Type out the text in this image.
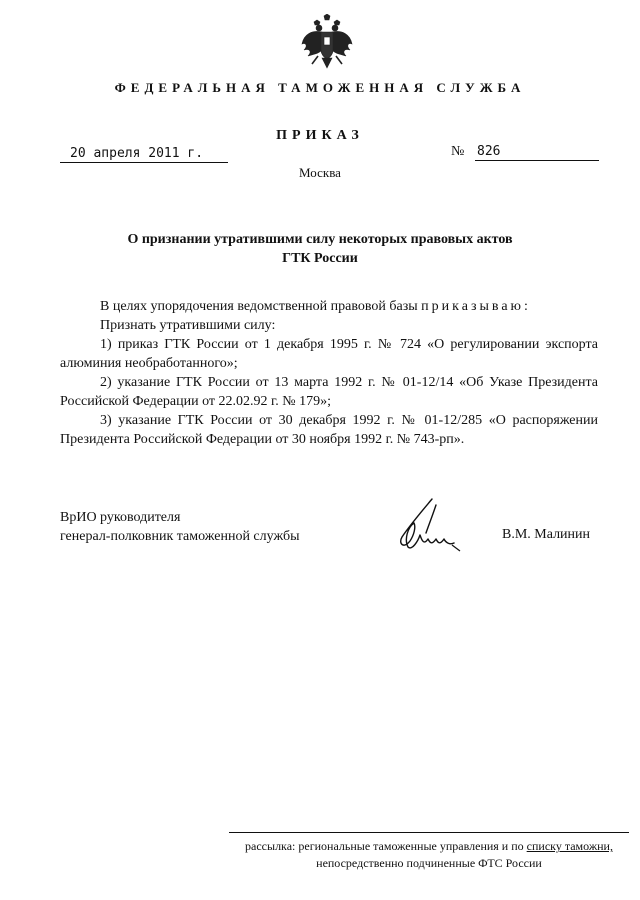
ФЕДЕРАЛЬНАЯ ТАМОЖЕННАЯ СЛУЖБА
ПРИКАЗ
20 апреля 2011 г.	№ 826
Москва
О признании утратившими силу некоторых правовых актов
ГТК России

В целях упорядочения ведомственной правовой базы приказываю:

Признать утратившими силу:

1) приказ ГТК России от 1 декабря 1995 г. № 724 «О регулировании экспорта алюминия необработанного»;

2) указание ГТК России от 13 марта 1992 г. № 01-12/14 «Об Указе Президента Российской Федерации от 22.02.92 г. № 179»;

3) указание ГТК России от 30 декабря 1992 г. № 01-12/285 «О распоряжении Президента Российской Федерации от 30 ноября 1992 г. № 743-рп».

ВрИО руководителя
генерал-полковник таможенной службы	В.М. Малинин
рассылка: региональные таможенные управления и по списку таможни,
непосредственно подчиненные ФТС России
